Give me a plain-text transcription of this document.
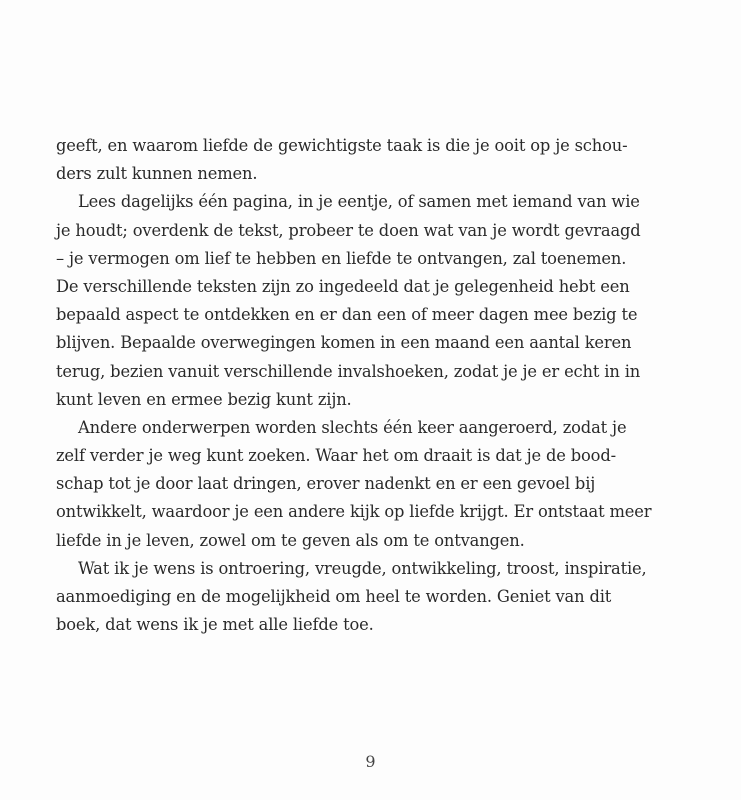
geeft, en waarom liefde de gewichtigste taak is die je ooit op je schou-
ders zult kunnen nemen.
Lees dagelijks één pagina, in je eentje, of samen met iemand van wie
je houdt; overdenk de tekst, probeer te doen wat van je wordt gevraagd
– je vermogen om lief te hebben en liefde te ontvangen, zal toenemen.
De verschillende teksten zijn zo ingedeeld dat je gelegenheid hebt een
bepaald aspect te ontdekken en er dan een of meer dagen mee bezig te
blijven. Bepaalde overwegingen komen in een maand een aantal keren
terug, bezien vanuit verschillende invalshoeken, zodat je je er echt in in
kunt leven en ermee bezig kunt zijn.
Andere onderwerpen worden slechts één keer aangeroerd, zodat je
zelf verder je weg kunt zoeken. Waar het om draait is dat je de bood-
schap tot je door laat dringen, erover nadenkt en er een gevoel bij
ontwikkelt, waardoor je een andere kijk op liefde krijgt. Er ontstaat meer
liefde in je leven, zowel om te geven als om te ontvangen.
Wat ik je wens is ontroering, vreugde, ontwikkeling, troost, inspiratie,
aanmoediging en de mogelijkheid om heel te worden. Geniet van dit
boek, dat wens ik je met alle liefde toe.
9
